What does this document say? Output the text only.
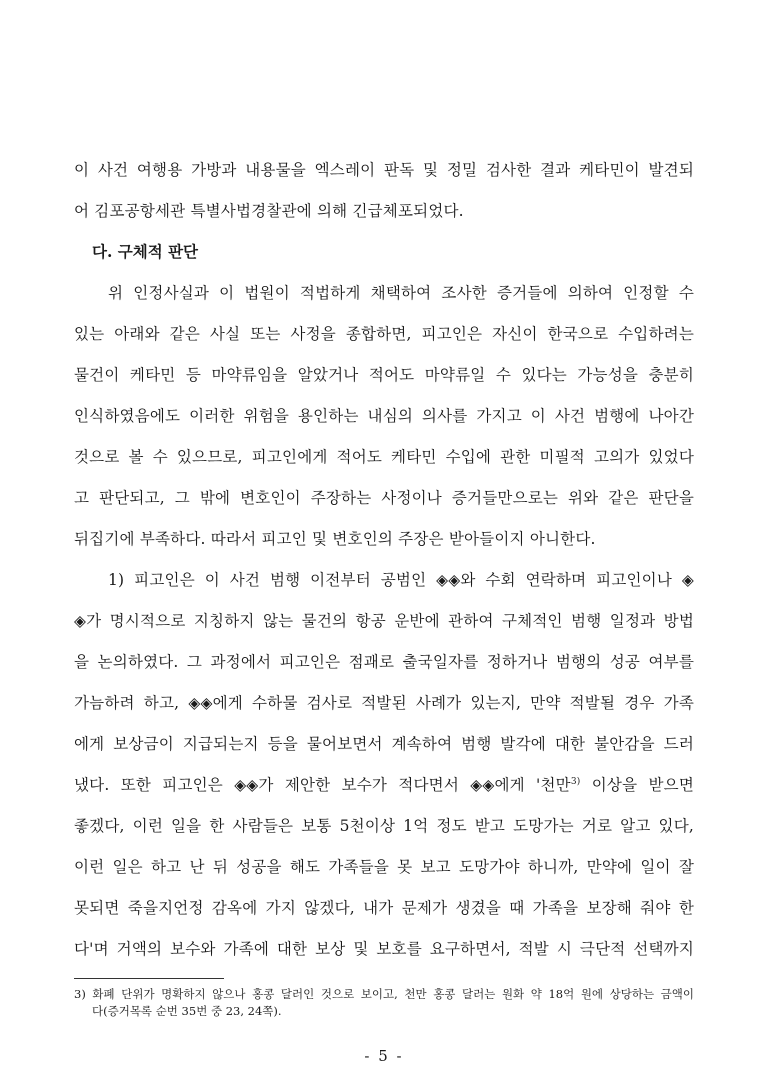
이 사건 여행용 가방과 내용물을 엑스레이 판독 및 정밀 검사한 결과 케타민이 발견되
어 김포공항세관 특별사법경찰관에 의해 긴급체포되었다.
다. 구체적 판단
위 인정사실과 이 법원이 적법하게 채택하여 조사한 증거들에 의하여 인정할 수
있는 아래와 같은 사실 또는 사정을 종합하면, 피고인은 자신이 한국으로 수입하려는
물건이 케타민 등 마약류임을 알았거나 적어도 마약류일 수 있다는 가능성을 충분히
인식하였음에도 이러한 위험을 용인하는 내심의 의사를 가지고 이 사건 범행에 나아간
것으로 볼 수 있으므로, 피고인에게 적어도 케타민 수입에 관한 미필적 고의가 있었다
고 판단되고, 그 밖에 변호인이 주장하는 사정이나 증거들만으로는 위와 같은 판단을
뒤집기에 부족하다. 따라서 피고인 및 변호인의 주장은 받아들이지 아니한다.
1) 피고인은 이 사건 범행 이전부터 공범인 ◈◈와 수회 연락하며 피고인이나 ◈
◈가 명시적으로 지칭하지 않는 물건의 항공 운반에 관하여 구체적인 범행 일정과 방법
을 논의하였다. 그 과정에서 피고인은 점괘로 출국일자를 정하거나 범행의 성공 여부를
가늠하려 하고, ◈◈에게 수하물 검사로 적발된 사례가 있는지, 만약 적발될 경우 가족
에게 보상금이 지급되는지 등을 물어보면서 계속하여 범행 발각에 대한 불안감을 드러
냈다. 또한 피고인은 ◈◈가 제안한 보수가 적다면서 ◈◈에게 '천만$^{3)}$ 이상을 받으면
좋겠다, 이런 일을 한 사람들은 보통 5천이상 1억 정도 받고 도망가는 거로 알고 있다,
이런 일은 하고 난 뒤 성공을 해도 가족들을 못 보고 도망가야 하니까, 만약에 일이 잘
못되면 죽을지언정 감옥에 가지 않겠다, 내가 문제가 생겼을 때 가족을 보장해 줘야 한
다'며 거액의 보수와 가족에 대한 보상 및 보호를 요구하면서, 적발 시 극단적 선택까지
3) 화폐 단위가 명확하지 않으나 홍콩 달러인 것으로 보이고, 천만 홍콩 달러는 원화 약 18억 원에 상당하는 금액이
다(증거목록 순번 35번 중 23, 24쪽).
- 5 -
